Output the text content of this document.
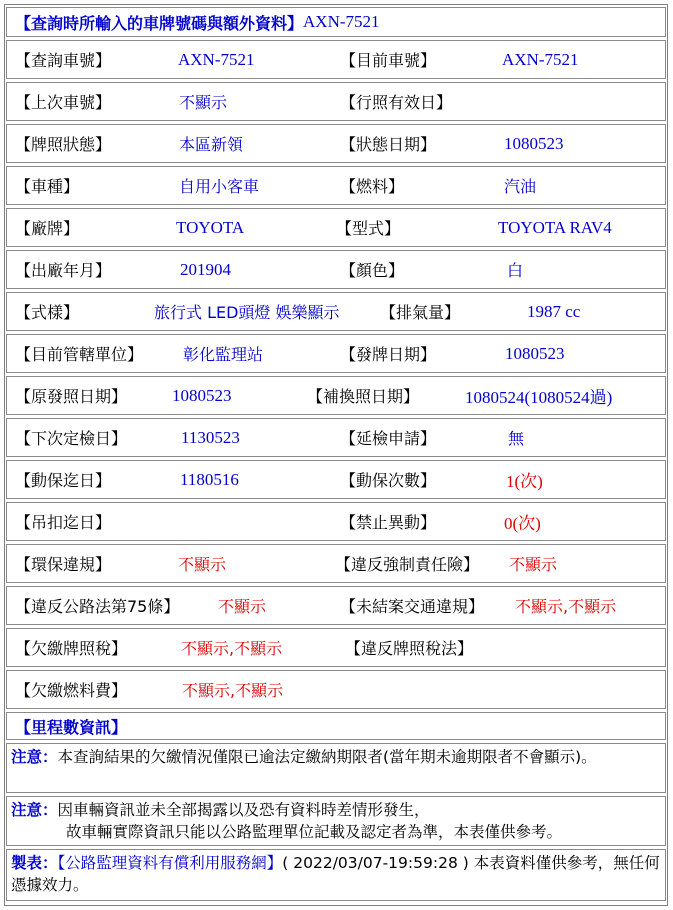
【查詢時所輸入的車牌號碼與額外資料】 AXN-7521
【查詢車號】	AXN-7521	【目前車號】	AXN-7521
【上次車號】	不顯示	【行照有效日】
【牌照狀態】	本區新領	【狀態日期】	1080523
【車種】	自用小客車	【燃料】	汽油
【廠牌】	TOYOTA	【型式】	TOYOTA RAV4
【出廠年月】	201904	【顏色】	白
【式樣】	旅行式 LED頭燈 娛樂顯示	【排氣量】	1987 cc
【目前管轄單位】 彰化監理站	【發牌日期】	1080523
【原發照日期】	1080523	【補換照日期】	1080524(1080524過)
【下次定檢日】	1130523	【延檢申請】	無
【動保迄日】	1180516	【動保次數】	1(次)
【吊扣迄日】	【禁止異動】	0(次)
【環保違規】	不顯示	【違反強制責任險】 不顯示
【違反公路法第75條】 不顯示	【未結案交通違規】 不顯示,不顯示
【欠繳牌照稅】	不顯示,不顯示	【違反牌照稅法】
【欠繳燃料費】	不顯示,不顯示
【里程數資訊】
注意：本查詢結果的欠繳情況僅限已逾法定繳納期限者(當年期未逾期限者不會顯示)。
注意：因車輛資訊並未全部揭露以及恐有資料時差情形發生，
故車輛實際資訊只能以公路監理單位記載及認定者為準，本表僅供參考。
製表：【公路監理資料有償利用服務網】( 2022/03/07-19:59:28 ) 本表資料僅供參考，無任何憑據效力。
